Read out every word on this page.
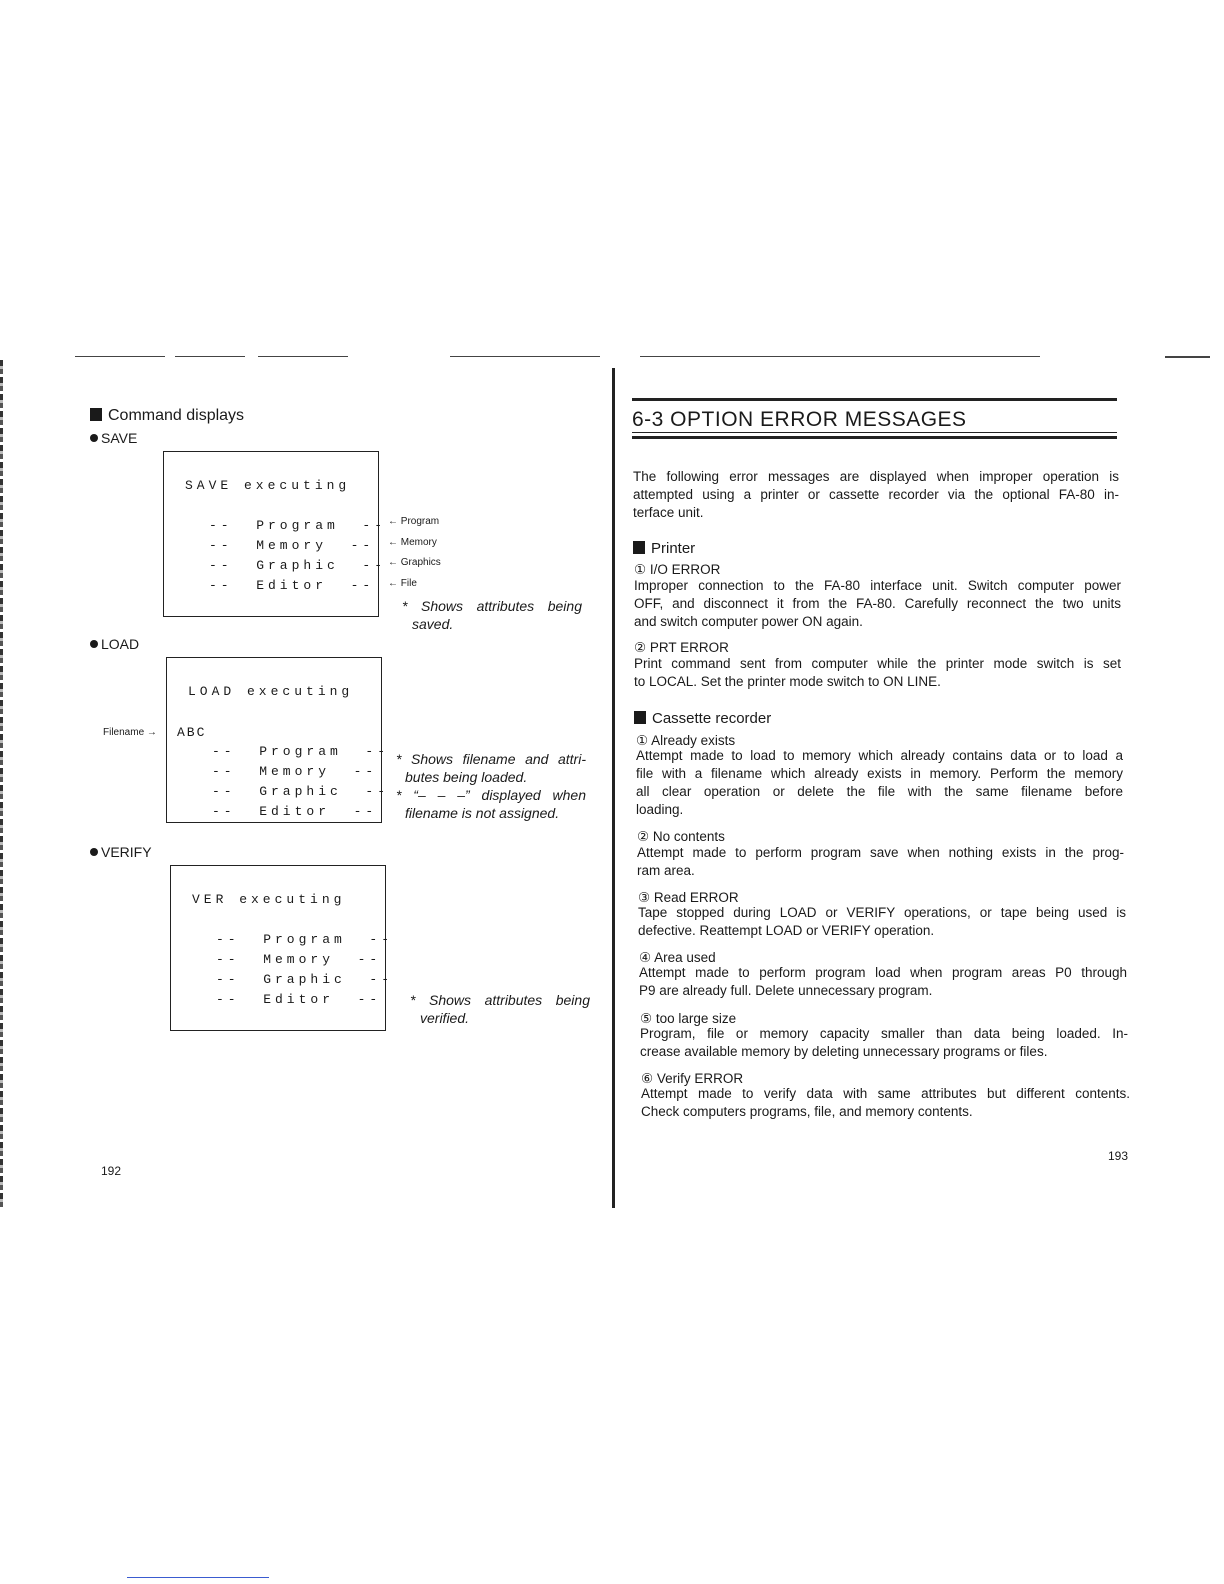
Command displays
SAVE
SAVE executing
--  Program  --
--  Memory  --
--  Graphic  --
--  Editor  --
← Program
← Memory
← Graphics
← File
* Shows attributes being
saved.
LOAD
Filename →
LOAD executing
ABC
--  Program  --
--  Memory  --
--  Graphic  --
--  Editor  --
* Shows filename and attri-
butes being loaded.
* “– – –” displayed when
filename is not assigned.
VERIFY
VER executing
--  Program  --
--  Memory  --
--  Graphic  --
--  Editor  -- * Shows attributes being
verified.
192
6-3 OPTION ERROR MESSAGES
The following error messages are displayed when improper operation is
attempted using a printer or cassette recorder via the optional FA-80 in-
terface unit.
Printer
① I/O ERROR
Improper connection to the FA-80 interface unit. Switch computer power
OFF, and disconnect it from the FA-80. Carefully reconnect the two units
and switch computer power ON again.
② PRT ERROR
Print command sent from computer while the printer mode switch is set
to LOCAL. Set the printer mode switch to ON LINE.
Cassette recorder
① Already exists
Attempt made to load to memory which already contains data or to load a
file with a filename which already exists in memory. Perform the memory
all clear operation or delete the file with the same filename before
loading.
② No contents
Attempt made to perform program save when nothing exists in the prog-
ram area.
③ Read ERROR
Tape stopped during LOAD or VERIFY operations, or tape being used is
defective. Reattempt LOAD or VERIFY operation.
④ Area used
Attempt made to perform program load when program areas P0 through
P9 are already full. Delete unnecessary program.
⑤ too large size
Program, file or memory capacity smaller than data being loaded. In-
crease available memory by deleting unnecessary programs or files.
⑥ Verify ERROR
Attempt made to verify data with same attributes but different contents.
Check computers programs, file, and memory contents.
193
